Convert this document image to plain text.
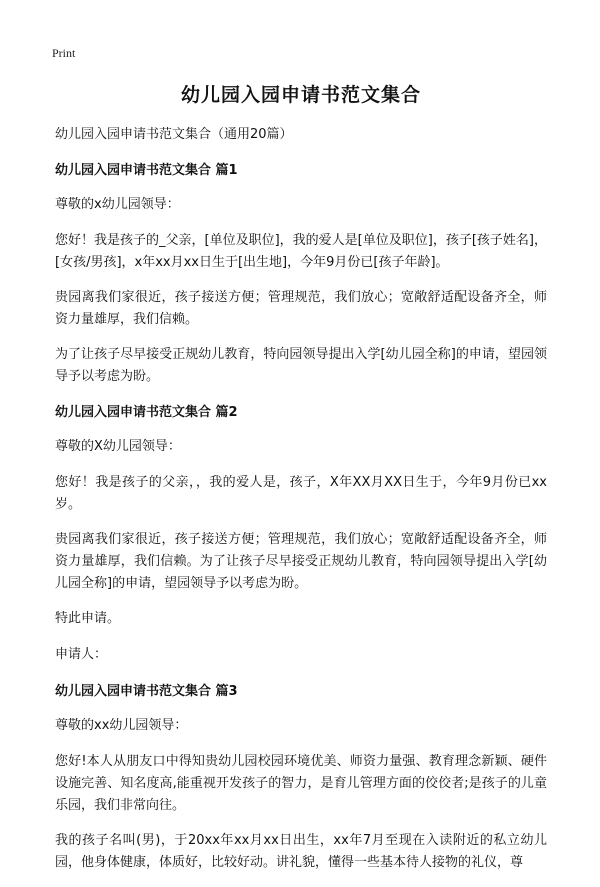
Print
幼儿园入园申请书范文集合

幼儿园入园申请书范文集合（通用20篇）

幼儿园入园申请书范文集合 篇1

尊敬的x幼儿园领导：

您好！我是孩子的_父亲，[单位及职位]，我的爱人是[单位及职位]，孩子[孩子姓名]，[女孩/男孩]，x年xx月xx日生于[出生地]，今年9月份已[孩子年龄]。

贵园离我们家很近，孩子接送方便；管理规范，我们放心；宽敞舒适配设备齐全，师资力量雄厚，我们信赖。

为了让孩子尽早接受正规幼儿教育，特向园领导提出入学[幼儿园全称]的申请，望园领导予以考虑为盼。

幼儿园入园申请书范文集合 篇2

尊敬的X幼儿园领导：

您好！我是孩子的父亲，，我的爱人是，孩子，X年XX月XX日生于，今年9月份已xx岁。

贵园离我们家很近，孩子接送方便；管理规范，我们放心；宽敞舒适配设备齐全，师资力量雄厚，我们信赖。为了让孩子尽早接受正规幼儿教育，特向园领导提出入学[幼儿园全称]的申请，望园领导予以考虑为盼。

特此申请。

申请人：

幼儿园入园申请书范文集合 篇3

尊敬的xx幼儿园领导：

您好!本人从朋友口中得知贵幼儿园校园环境优美、师资力量强、教育理念新颖、硬件设施完善、知名度高,能重视开发孩子的智力，是育儿管理方面的佼佼者;是孩子的儿童乐园，我们非常向往。

我的孩子名叫(男)，于20xx年xx月xx日出生，xx年7月至现在入读附近的私立幼儿园，他身体健康，体质好，比较好动。讲礼貌，懂得一些基本待人接物的礼仪，尊
